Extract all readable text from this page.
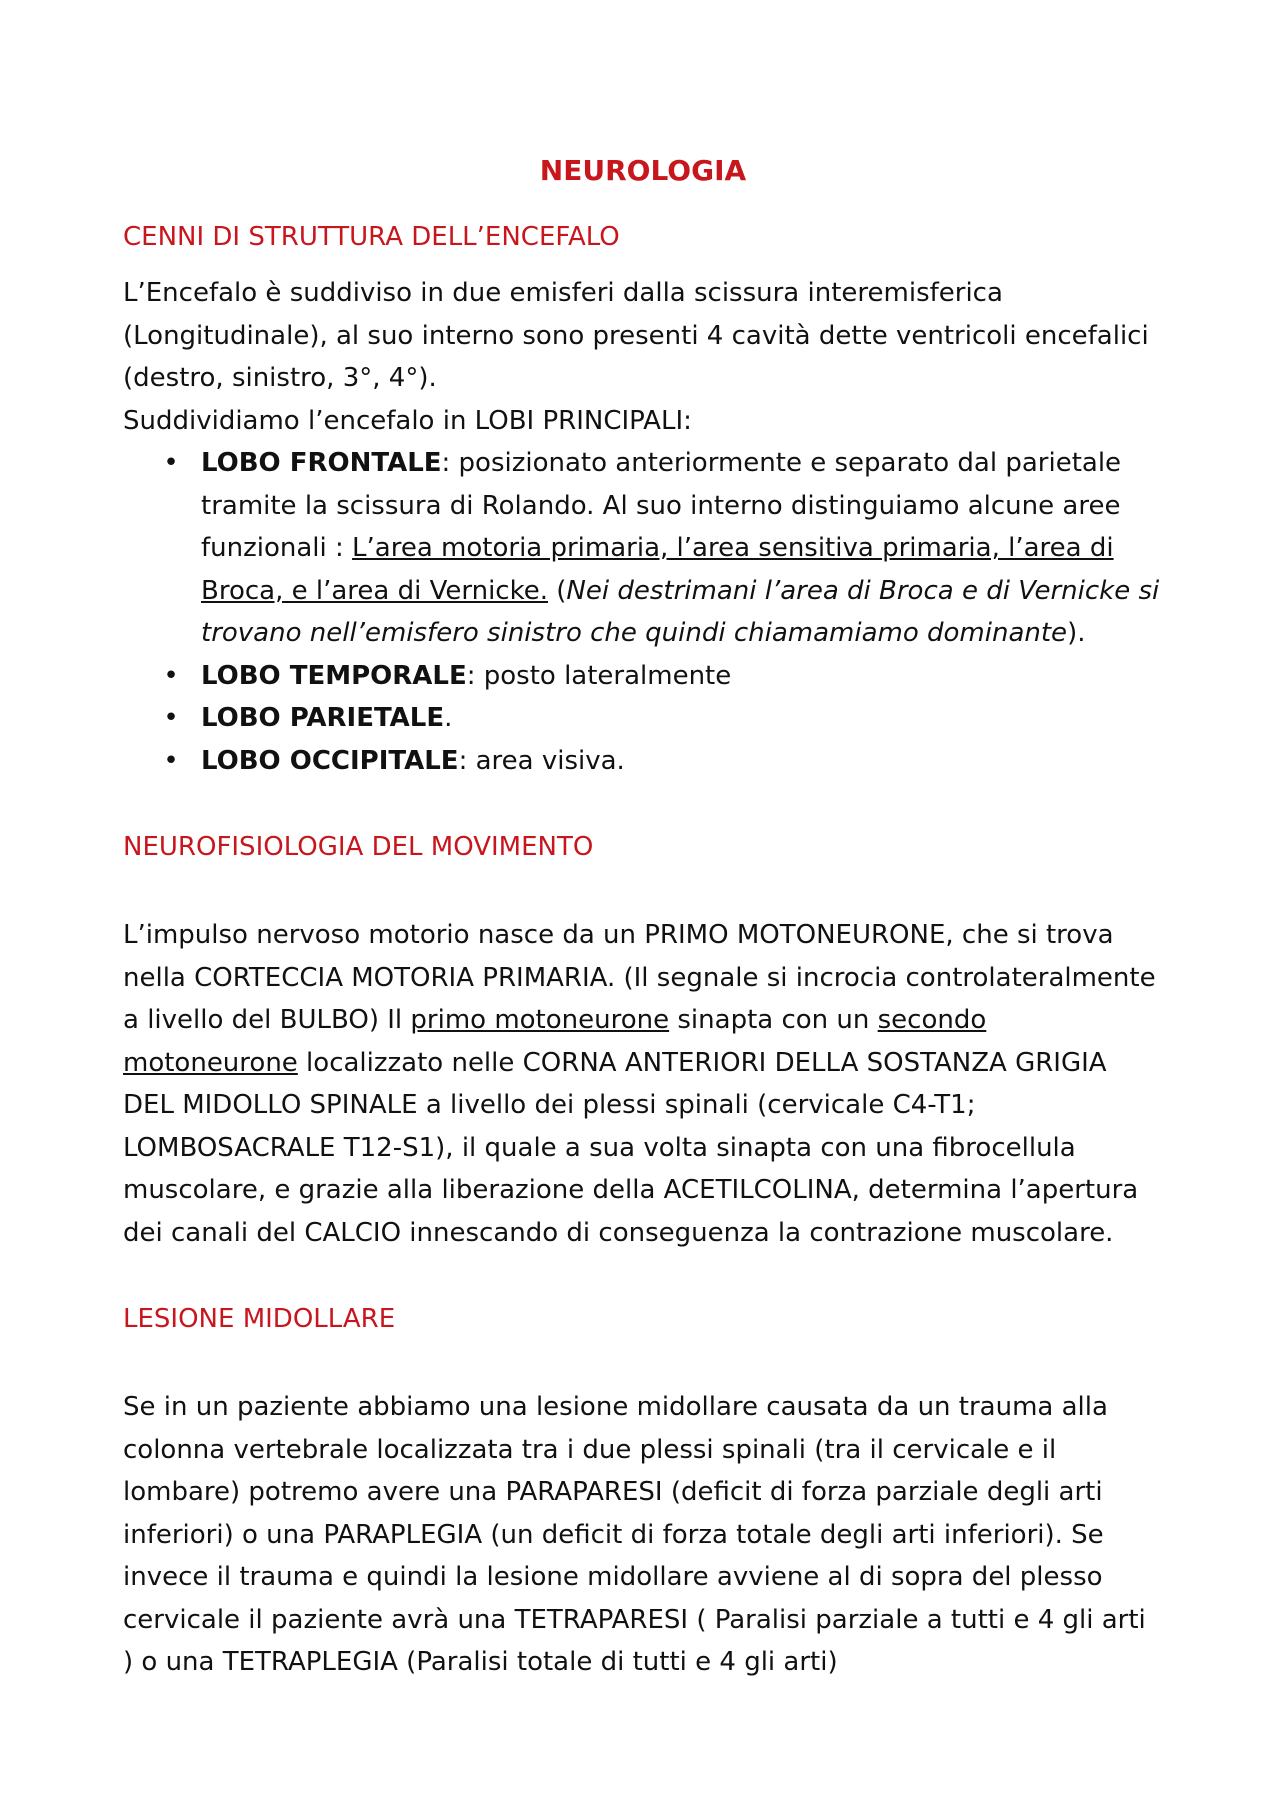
NEUROLOGIA
CENNI DI STRUTTURA DELL’ENCEFALO

L’Encefalo è suddiviso in due emisferi dalla scissura interemisferica (Longitudinale), al suo interno sono presenti 4 cavità dette ventricoli encefalici (destro, sinistro, 3°, 4°).

Suddividiamo l’encefalo in LOBI PRINCIPALI:

• LOBO FRONTALE: posizionato anteriormente e separato dal parietale tramite la scissura di Rolando. Al suo interno distinguiamo alcune aree funzionali : L’area motoria primaria, l’area sensitiva primaria, l’area di Broca, e l’area di Vernicke. (Nei destrimani l’area di Broca e di Vernicke si trovano nell’emisfero sinistro che quindi chiamamiamo dominante).
• LOBO TEMPORALE: posto lateralmente
• LOBO PARIETALE.
• LOBO OCCIPITALE: area visiva.
NEUROFISIOLOGIA DEL MOVIMENTO

L’impulso nervoso motorio nasce da un PRIMO MOTONEURONE, che si trova nella CORTECCIA MOTORIA PRIMARIA. (Il segnale si incrocia controlateralmente a livello del BULBO) Il primo motoneurone sinapta con un secondo motoneurone localizzato nelle CORNA ANTERIORI DELLA SOSTANZA GRIGIA DEL MIDOLLO SPINALE a livello dei plessi spinali (cervicale C4-T1; LOMBOSACRALE T12-S1), il quale a sua volta sinapta con una fibrocellula muscolare, e grazie alla liberazione della ACETILCOLINA, determina l’apertura dei canali del CALCIO innescando di conseguenza la contrazione muscolare.

LESIONE MIDOLLARE

Se in un paziente abbiamo una lesione midollare causata da un trauma alla colonna vertebrale localizzata tra i due plessi spinali (tra il cervicale e il lombare) potremo avere una PARAPARESI (deficit di forza parziale degli arti inferiori) o una PARAPLEGIA (un deficit di forza totale degli arti inferiori). Se invece il trauma e quindi la lesione midollare avviene al di sopra del plesso cervicale il paziente avrà una TETRAPARESI ( Paralisi parziale a tutti e 4 gli arti ) o una TETRAPLEGIA (Paralisi totale di tutti e 4 gli arti)
